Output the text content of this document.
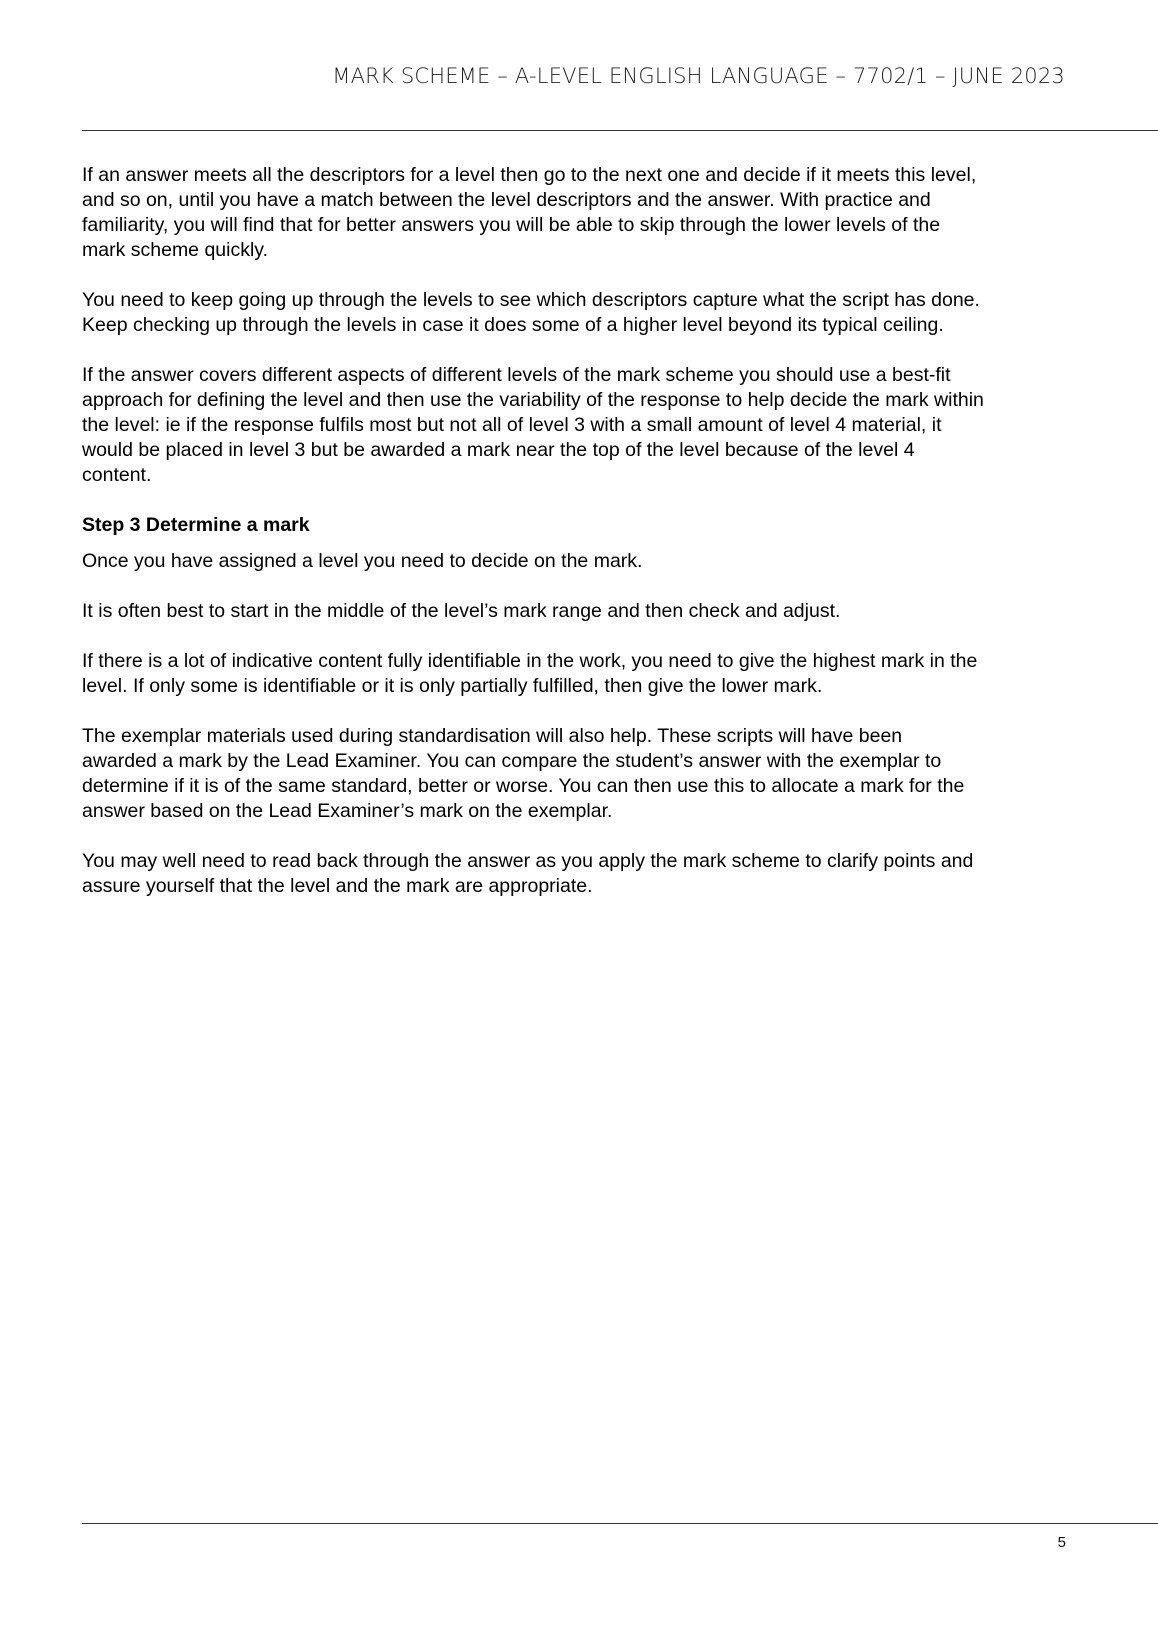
MARK SCHEME – A-LEVEL ENGLISH LANGUAGE – 7702/1 – JUNE 2023

If an answer meets all the descriptors for a level then go to the next one and decide if it meets this level,
and so on, until you have a match between the level descriptors and the answer. With practice and
familiarity, you will find that for better answers you will be able to skip through the lower levels of the
mark scheme quickly.

You need to keep going up through the levels to see which descriptors capture what the script has done.
Keep checking up through the levels in case it does some of a higher level beyond its typical ceiling.

If the answer covers different aspects of different levels of the mark scheme you should use a best-fit
approach for defining the level and then use the variability of the response to help decide the mark within
the level: ie if the response fulfils most but not all of level 3 with a small amount of level 4 material, it
would be placed in level 3 but be awarded a mark near the top of the level because of the level 4
content.

Step 3 Determine a mark

Once you have assigned a level you need to decide on the mark.

It is often best to start in the middle of the level’s mark range and then check and adjust.

If there is a lot of indicative content fully identifiable in the work, you need to give the highest mark in the
level. If only some is identifiable or it is only partially fulfilled, then give the lower mark.

The exemplar materials used during standardisation will also help. These scripts will have been
awarded a mark by the Lead Examiner. You can compare the student’s answer with the exemplar to
determine if it is of the same standard, better or worse. You can then use this to allocate a mark for the
answer based on the Lead Examiner’s mark on the exemplar.

You may well need to read back through the answer as you apply the mark scheme to clarify points and
assure yourself that the level and the mark are appropriate.

5
